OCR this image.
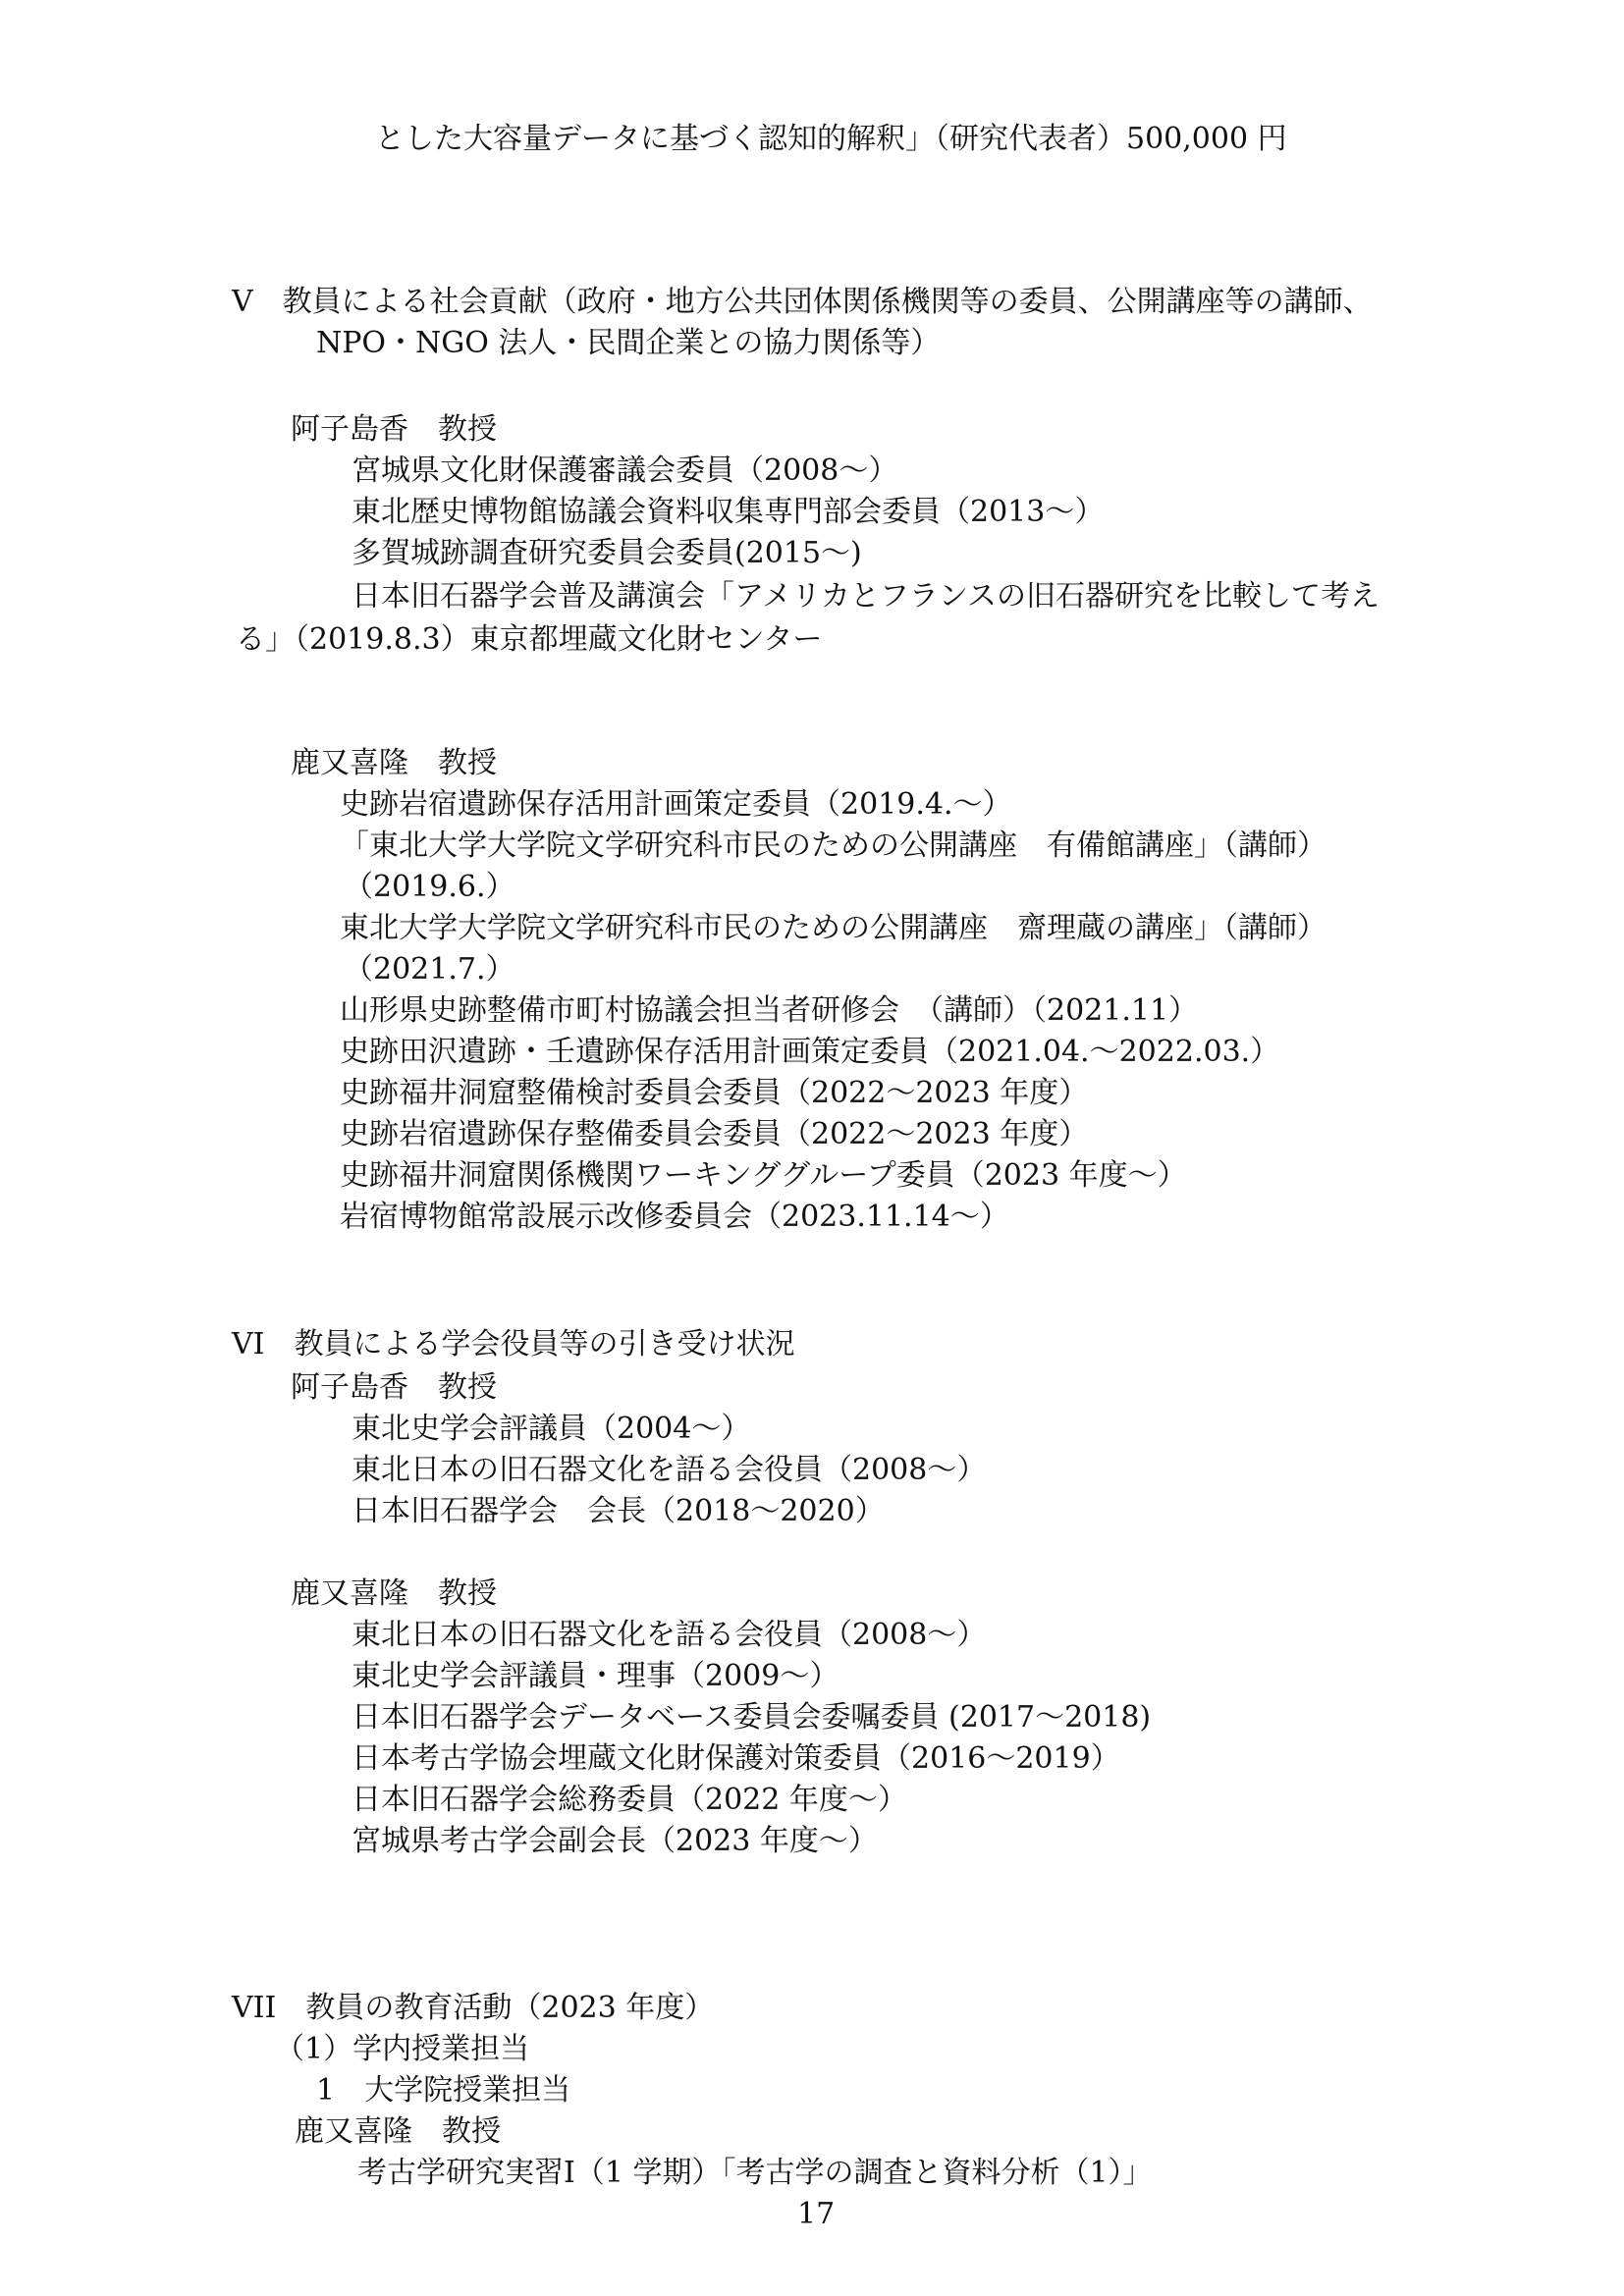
とした大容量データに基づく認知的解釈」（研究代表者）500,000 円
V　教員による社会貢献（政府・地方公共団体関係機関等の委員、公開講座等の講師、
NPO・NGO 法人・民間企業との協力関係等）
阿子島香　教授
宮城県文化財保護審議会委員（2008～）
東北歴史博物館協議会資料収集専門部会委員（2013～）
多賀城跡調査研究委員会委員(2015～)
日本旧石器学会普及講演会「アメリカとフランスの旧石器研究を比較して考え
る」（2019.8.3）東京都埋蔵文化財センター
鹿又喜隆　教授
史跡岩宿遺跡保存活用計画策定委員（2019.4.～）
「東北大学大学院文学研究科市民のための公開講座　有備館講座」（講師）
（2019.6.）
東北大学大学院文学研究科市民のための公開講座　齋理蔵の講座」（講師）
（2021.7.）
山形県史跡整備市町村協議会担当者研修会　（講師）（2021.11）
史跡田沢遺跡・壬遺跡保存活用計画策定委員（2021.04.～2022.03.）
史跡福井洞窟整備検討委員会委員（2022～2023 年度）
史跡岩宿遺跡保存整備委員会委員（2022～2023 年度）
史跡福井洞窟関係機関ワーキンググループ委員（2023 年度～）
岩宿博物館常設展示改修委員会（2023.11.14～）
VI　教員による学会役員等の引き受け状況
阿子島香　教授
東北史学会評議員（2004～）
東北日本の旧石器文化を語る会役員（2008～）
日本旧石器学会　会長（2018～2020）
鹿又喜隆　教授
東北日本の旧石器文化を語る会役員（2008～）
東北史学会評議員・理事（2009～）
日本旧石器学会データベース委員会委嘱委員 (2017～2018)
日本考古学協会埋蔵文化財保護対策委員（2016～2019）
日本旧石器学会総務委員（2022 年度～）
宮城県考古学会副会長（2023 年度～）
VII　教員の教育活動（2023 年度）
（1）学内授業担当
1　大学院授業担当
鹿又喜隆　教授
考古学研究実習I（1 学期）「考古学の調査と資料分析（1）」
17
